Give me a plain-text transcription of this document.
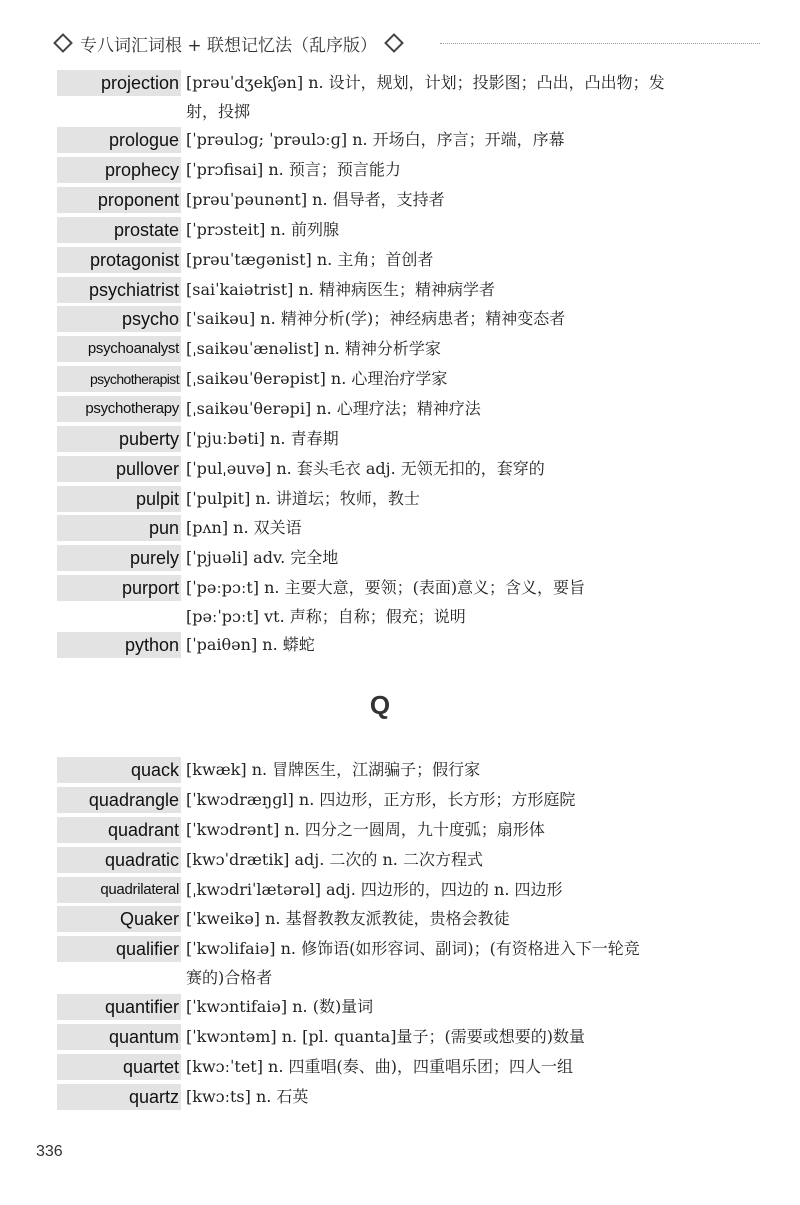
专八词汇词根 + 联想记忆法（乱序版）
projection [prəuˈdʒekʃən] n. 设计，规划，计划；投影图；凸出，凸出物；发
射，投掷
prologue [ˈprəulɔɡ; ˈprəulɔːɡ] n. 开场白，序言；开端，序幕
prophecy [ˈprɔfisai] n. 预言；预言能力
proponent [prəuˈpəunənt] n. 倡导者，支持者
prostate [ˈprɔsteit] n. 前列腺
protagonist [prəuˈtæɡənist] n. 主角；首创者
psychiatrist [saiˈkaiətrist] n. 精神病医生；精神病学者
psycho [ˈsaikəu] n. 精神分析(学)；神经病患者；精神变态者
psychoanalyst [ˌsaikəuˈænəlist] n. 精神分析学家
psychotherapist [ˌsaikəuˈθerəpist] n. 心理治疗学家
psychotherapy [ˌsaikəuˈθerəpi] n. 心理疗法；精神疗法
puberty [ˈpjuːbəti] n. 青春期
pullover [ˈpulˌəuvə] n. 套头毛衣 adj. 无领无扣的，套穿的
pulpit [ˈpulpit] n. 讲道坛；牧师，教士
pun [pʌn] n. 双关语
purely [ˈpjuəli] adv. 完全地
purport [ˈpəːpɔːt] n. 主要大意，要领；(表面)意义；含义，要旨
[pəːˈpɔːt] vt. 声称；自称；假充；说明
python [ˈpaiθən] n. 蟒蛇
quack [kwæk] n. 冒牌医生，江湖骗子；假行家
quadrangle [ˈkwɔdræŋɡl] n. 四边形，正方形，长方形；方形庭院
quadrant [ˈkwɔdrənt] n. 四分之一圆周，九十度弧；扇形体
quadratic [kwɔˈdrætik] adj. 二次的 n. 二次方程式
quadrilateral [ˌkwɔdriˈlætərəl] adj. 四边形的，四边的 n. 四边形
Quaker [ˈkweikə] n. 基督教教友派教徒，贵格会教徒
qualifier [ˈkwɔlifaiə] n. 修饰语(如形容词、副词)；(有资格进入下一轮竞
赛的)合格者
quantifier [ˈkwɔntifaiə] n. (数)量词
quantum [ˈkwɔntəm] n. [pl. quanta]量子；(需要或想要的)数量
quartet [kwɔːˈtet] n. 四重唱(奏、曲)，四重唱乐团；四人一组
quartz [kwɔːts] n. 石英
Q
336
